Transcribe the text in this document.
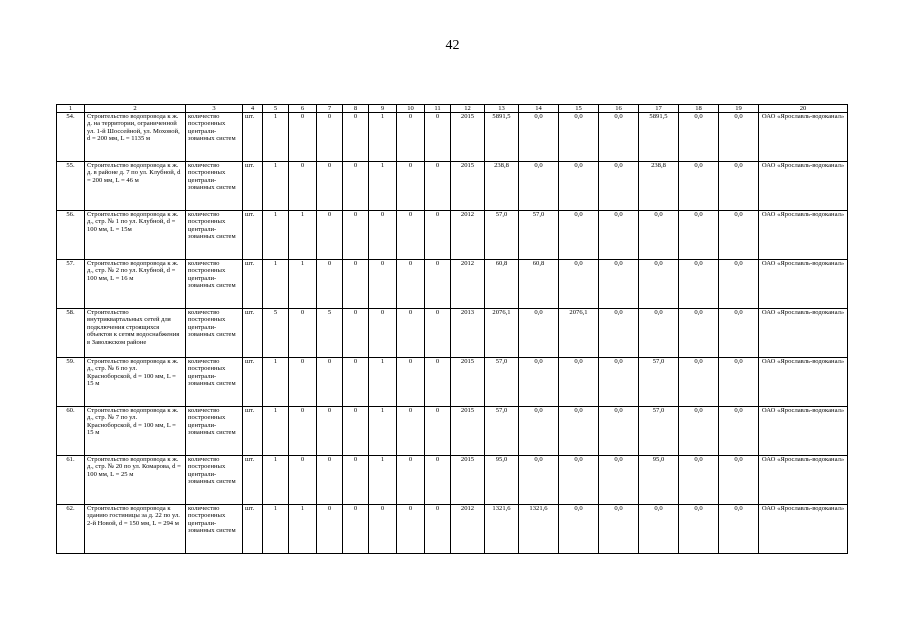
42
1	2	3	4	5	6	7	8	9	10	11	12	13	14	15	16	17	18	19	20
54.	Строительство водопровода к ж. д. на территории, ограниченной ул. 1-й Шоссейной, ул. Моховой, d = 200 мм, L = 1135 м	количество построенных централи-зованных систем	шт.	1	0	0	0	1	0	0	2015	5891,5	0,0	0,0	0,0	5891,5	0,0	0,0	ОАО «Ярославль-водоканал»
55.	Строительство водопровода к ж. д. в районе д. 7 по ул. Клубной, d = 200 мм, L = 46 м	количество построенных централи-зованных систем	шт.	1	0	0	0	1	0	0	2015	238,8	0,0	0,0	0,0	238,8	0,0	0,0	ОАО «Ярославль-водоканал»
56.	Строительство водопровода к ж. д., стр. № 1 по ул. Клубной, d = 100 мм, L = 15м	количество построенных централи-зованных систем	шт.	1	1	0	0	0	0	0	2012	57,0	57,0	0,0	0,0	0,0	0,0	0,0	ОАО «Ярославль-водоканал»
57.	Строительство водопровода к ж. д., стр. № 2 по ул. Клубной, d = 100 мм, L = 16 м	количество построенных централи-зованных систем	шт.	1	1	0	0	0	0	0	2012	60,8	60,8	0,0	0,0	0,0	0,0	0,0	ОАО «Ярославль-водоканал»
58.	Строительство внутриквартальных сетей для подключения строящихся объектов к сетям водоснабжения в Заволжском районе	количество построенных централи-зованных систем	шт.	5	0	5	0	0	0	0	2013	2076,1	0,0	2076,1	0,0	0,0	0,0	0,0	ОАО «Ярославль-водоканал»
59.	Строительство водопровода к ж. д., стр. № 6 по ул. Красноборской, d = 100 мм, L = 15 м	количество построенных централи-зованных систем	шт.	1	0	0	0	1	0	0	2015	57,0	0,0	0,0	0,0	57,0	0,0	0,0	ОАО «Ярославль-водоканал»
60.	Строительство водопровода к ж. д., стр. № 7 по ул. Красноборской, d = 100 мм, L = 15 м	количество построенных централи-зованных систем	шт.	1	0	0	0	1	0	0	2015	57,0	0,0	0,0	0,0	57,0	0,0	0,0	ОАО «Ярославль-водоканал»
61.	Строительство водопровода к ж. д., стр. № 20 по ул. Комарова, d = 100 мм, L = 25 м	количество построенных централи-зованных систем	шт.	1	0	0	0	1	0	0	2015	95,0	0,0	0,0	0,0	95,0	0,0	0,0	ОАО «Ярославль-водоканал»
62.	Строительство водопровода к зданию гостиницы за д. 22 по ул. 2-й Новой, d = 150 мм, L = 294 м	количество построенных централи-зованных систем	шт.	1	1	0	0	0	0	0	2012	1321,6	1321,6	0,0	0,0	0,0	0,0	0,0	ОАО «Ярославль-водоканал»
